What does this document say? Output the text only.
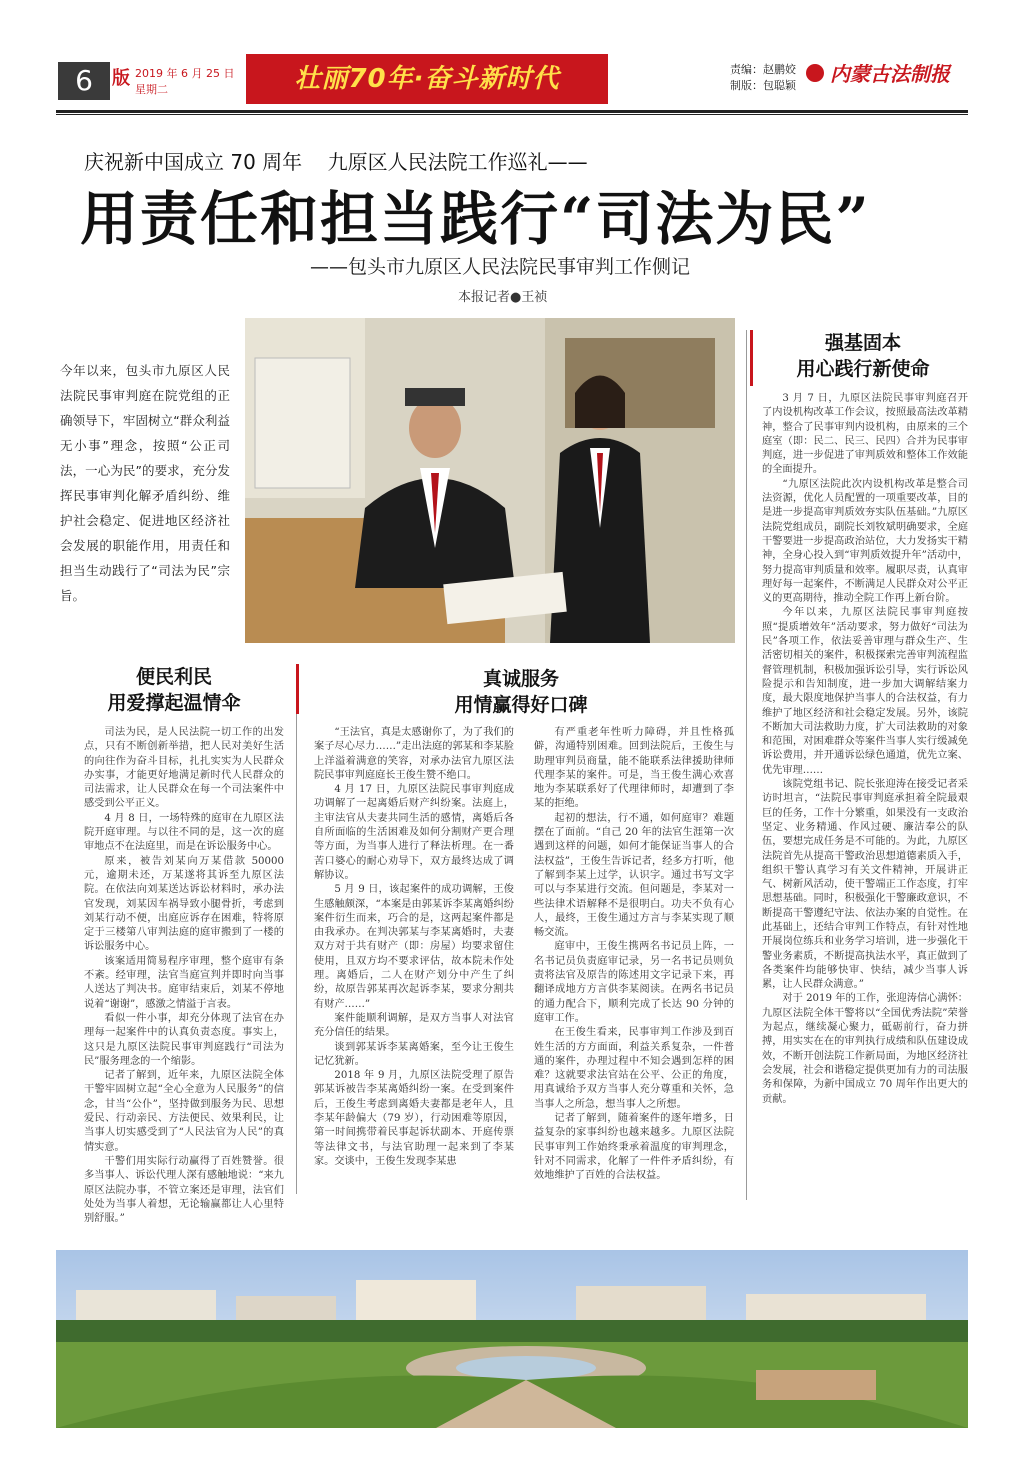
6	版 2019 年 6 月 25 日
星期二	壮丽70年·奋斗新时代	责编：赵鹏姣
制版：包聪颖 内蒙古法制报
庆祝新中国成立 70 周年    九原区人民法院工作巡礼——
用责任和担当践行“司法为民”
——包头市九原区人民法院民事审判工作侧记
本报记者●王祯
今年以来，包头市九原区人民法院民事审判庭在院党组的正确领导下，牢固树立“群众利益无小事”理念，按照“公正司法，一心为民”的要求，充分发挥民事审判化解矛盾纠纷、维护社会稳定、促进地区经济社会发展的职能作用，用责任和担当生动践行了“司法为民”宗旨。
强基固本
用心践行新使命

3 月 7 日，九原区法院民事审判庭召开了内设机构改革工作会议，按照最高法改革精神，整合了民事审判内设机构，由原来的三个庭室（即：民二、民三、民四）合并为民事审判庭，进一步促进了审判质效和整体工作效能的全面提升。

“九原区法院此次内设机构改革是整合司法资源，优化人员配置的一项重要改革，目的是进一步提高审判质效夯实队伍基础。”九原区法院党组成员，副院长刘牧斌明确要求，全庭干警要进一步提高政治站位，大力发扬实干精神，全身心投入到“审判质效提升年”活动中，努力提高审判质量和效率。履职尽责，认真审理好每一起案件，不断满足人民群众对公平正义的更高期待，推动全院工作再上新台阶。

今年以来，九原区法院民事审判庭按照“提质增效年”活动要求，努力做好“司法为民”各项工作，依法妥善审理与群众生产、生活密切相关的案件，积极探索完善审判流程监督管理机制，积极加强诉讼引导，实行诉讼风险提示和告知制度，进一步加大调解结案力度，最大限度地保护当事人的合法权益，有力维护了地区经济和社会稳定发展。另外，该院不断加大司法救助力度，扩大司法救助的对象和范围，对困难群众等案件当事人实行缓减免诉讼费用，并开通诉讼绿色通道，优先立案、优先审理……

该院党组书记、院长张迎涛在接受记者采访时坦言，“法院民事审判庭承担着全院最艰巨的任务，工作十分繁重，如果没有一支政治坚定、业务精通、作风过硬、廉洁奉公的队伍，要想完成任务是不可能的。为此，九原区法院首先从提高干警政治思想道德素质入手，组织干警认真学习有关文件精神，开展讲正气、树新风活动，使干警端正工作态度，打牢思想基础。同时，积极强化干警廉政意识，不断提高干警遵纪守法、依法办案的自觉性。在此基础上，还结合审判工作特点，有针对性地开展岗位练兵和业务学习培训，进一步强化干警业务素质，不断提高执法水平，真正做到了各类案件均能够快审、快结，减少当事人诉累，让人民群众满意。”

对于 2019 年的工作，张迎涛信心满怀：九原区法院全体干警将以“全国优秀法院”荣誉为起点，继续凝心聚力，砥砺前行，奋力拼搏，用实实在在的审判执行成绩和队伍建设成效，不断开创法院工作新局面，为地区经济社会发展，社会和谐稳定提供更加有力的司法服务和保障，为新中国成立 70 周年作出更大的贡献。

便民利民
用爱撑起温情伞

司法为民，是人民法院一切工作的出发点，只有不断创新举措，把人民对美好生活的向往作为奋斗目标，扎扎实实为人民群众办实事，才能更好地满足新时代人民群众的司法需求，让人民群众在每一个司法案件中感受到公平正义。

4 月 8 日，一场特殊的庭审在九原区法院开庭审理。与以往不同的是，这一次的庭审地点不在法庭里，而是在诉讼服务中心。

原来，被告刘某向万某借款 50000 元，逾期未还，万某遂将其诉至九原区法院。在依法向刘某送达诉讼材料时，承办法官发现，刘某因车祸导致小腿骨折，考虑到刘某行动不便，出庭应诉存在困难，特将原定于三楼第八审判法庭的庭审搬到了一楼的诉讼服务中心。

该案适用简易程序审理，整个庭审有条不紊。经审理，法官当庭宣判并即时向当事人送达了判决书。庭审结束后，刘某不停地说着“谢谢”，感激之情溢于言表。

看似一件小事，却充分体现了法官在办理每一起案件中的认真负责态度。事实上，这只是九原区法院民事审判庭践行“司法为民”服务理念的一个缩影。

记者了解到，近年来，九原区法院全体干警牢固树立起“全心全意为人民服务”的信念，甘当“公仆”，坚持做到服务为民、思想爱民、行动亲民、方法便民、效果利民，让当事人切实感受到了“人民法官为人民”的真情实意。

干警们用实际行动赢得了百姓赞誉。很多当事人、诉讼代理人深有感触地说：“来九原区法院办事，不管立案还是审理，法官们处处为当事人着想，无论输赢都让人心里特别舒服。”

真诚服务
用情赢得好口碑

“王法官，真是太感谢你了，为了我们的案子尽心尽力……”走出法庭的郭某和李某脸上洋溢着满意的笑容，对承办法官九原区法院民事审判庭庭长王俊生赞不绝口。

4 月 17 日，九原区法院民事审判庭成功调解了一起离婚后财产纠纷案。法庭上，主审法官从夫妻共同生活的感情，离婚后各自所面临的生活困难及如何分割财产更合理等方面，为当事人进行了释法析理。在一番苦口婆心的耐心劝导下，双方最终达成了调解协议。

5 月 9 日，该起案件的成功调解，王俊生感触颇深，“本案是由郭某诉李某离婚纠纷案件衍生而来，巧合的是，这两起案件都是由我承办。在判决郭某与李某离婚时，夫妻双方对于共有财产（即：房屋）均要求留住使用，且双方均不要求评估，故本院未作处理。离婚后，二人在财产划分中产生了纠纷，故原告郭某再次起诉李某，要求分割共有财产……”

案件能顺利调解，是双方当事人对法官充分信任的结果。

谈到郭某诉李某离婚案，至今让王俊生记忆犹新。

2018 年 9 月，九原区法院受理了原告郭某诉被告李某离婚纠纷一案。在受到案件后，王俊生考虑到离婚夫妻都是老年人，且李某年龄偏大（79 岁），行动困难等原因，第一时间携带着民事起诉状副本、开庭传票等法律文书，与法官助理一起来到了李某家。交谈中，王俊生发现李某患

有严重老年性听力障碍，并且性格孤僻，沟通特别困难。回到法院后，王俊生与助理审判员商量，能不能联系法律援助律师代理李某的案件。可是，当王俊生满心欢喜地为李某联系好了代理律师时，却遭到了李某的拒绝。

起初的想法，行不通，如何庭审？难题摆在了面前。“自己 20 年的法官生涯第一次遇到这样的问题，如何才能保证当事人的合法权益”，王俊生告诉记者，经多方打听，他了解到李某上过学，认识字。通过书写文字可以与李某进行交流。但问题是，李某对一些法律术语解释不是很明白。功夫不负有心人，最终，王俊生通过方言与李某实现了顺畅交流。

庭审中，王俊生携两名书记员上阵，一名书记员负责庭审记录，另一名书记员则负责将法官及原告的陈述用文字记录下来，再翻译成地方方言供李某阅读。在两名书记员的通力配合下，顺利完成了长达 90 分钟的庭审工作。

在王俊生看来，民事审判工作涉及到百姓生活的方方面面，利益关系复杂，一件普通的案件，办理过程中不知会遇到怎样的困难？这就要求法官站在公平、公正的角度，用真诚给予双方当事人充分尊重和关怀，急当事人之所急，想当事人之所想。

记者了解到，随着案件的逐年增多，日益复杂的家事纠纷也越来越多。九原区法院民事审判工作始终秉承着温度的审判理念，针对不同需求，化解了一件件矛盾纠纷，有效地维护了百姓的合法权益。
